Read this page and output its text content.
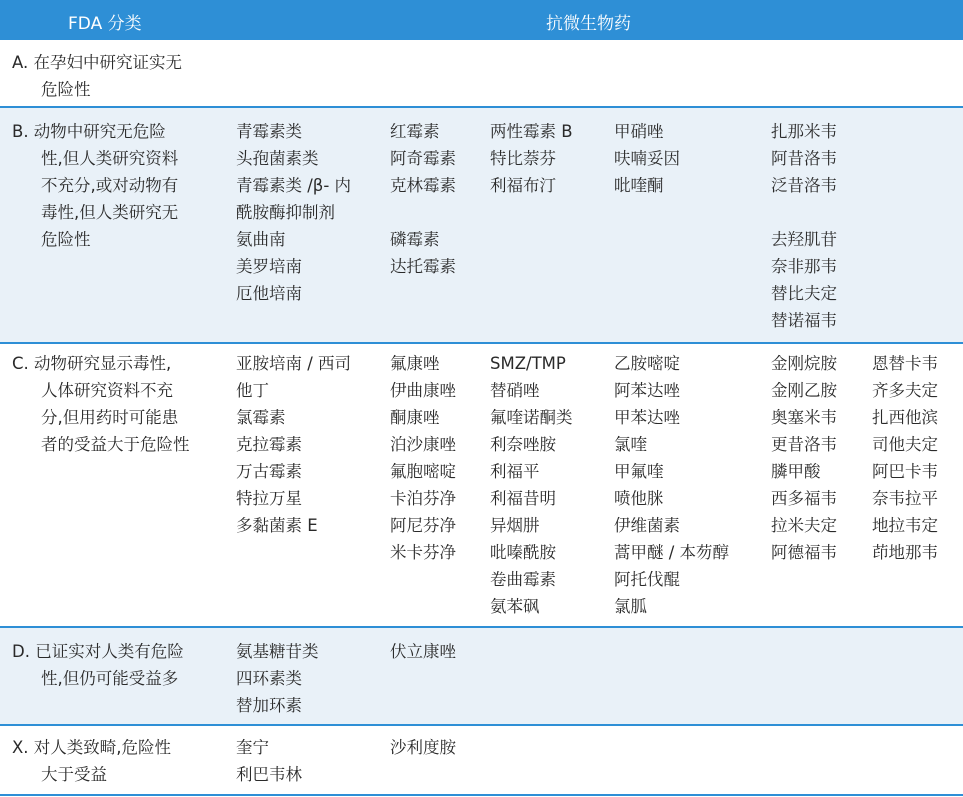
FDA 分类	抗微生物药
A. 在孕妇中研究证实无
危险性
B. 动物中研究无危险
性,但人类研究资料
不充分,或对动物有
毒性,但人类研究无
危险性
青霉素类
头孢菌素类
青霉素类 /β- 内
酰胺酶抑制剂
氨曲南
美罗培南
厄他培南
红霉素
阿奇霉素
克林霉素
磷霉素
达托霉素
两性霉素 B
特比萘芬
利福布汀
甲硝唑
呋喃妥因
吡喹酮
扎那米韦
阿昔洛韦
泛昔洛韦
去羟肌苷
奈非那韦
替比夫定
替诺福韦
C. 动物研究显示毒性,
人体研究资料不充
分,但用药时可能患
者的受益大于危险性
亚胺培南 / 西司
他丁
氯霉素
克拉霉素
万古霉素
特拉万星
多黏菌素 E
氟康唑
伊曲康唑
酮康唑
泊沙康唑
氟胞嘧啶
卡泊芬净
阿尼芬净
米卡芬净
SMZ/TMP
替硝唑
氟喹诺酮类
利奈唑胺
利福平
利福昔明
异烟肼
吡嗪酰胺
卷曲霉素
氨苯砜
乙胺嘧啶
阿苯达唑
甲苯达唑
氯喹
甲氟喹
喷他脒
伊维菌素
蒿甲醚 / 本芴醇
阿托伐醌
氯胍
金刚烷胺
金刚乙胺
奥塞米韦
更昔洛韦
膦甲酸
西多福韦
拉米夫定
阿德福韦
恩替卡韦
齐多夫定
扎西他滨
司他夫定
阿巴卡韦
奈韦拉平
地拉韦定
茚地那韦
D. 已证实对人类有危险
性,但仍可能受益多
氨基糖苷类
四环素类
替加环素
伏立康唑
X. 对人类致畸,危险性
大于受益
奎宁
利巴韦林
沙利度胺
